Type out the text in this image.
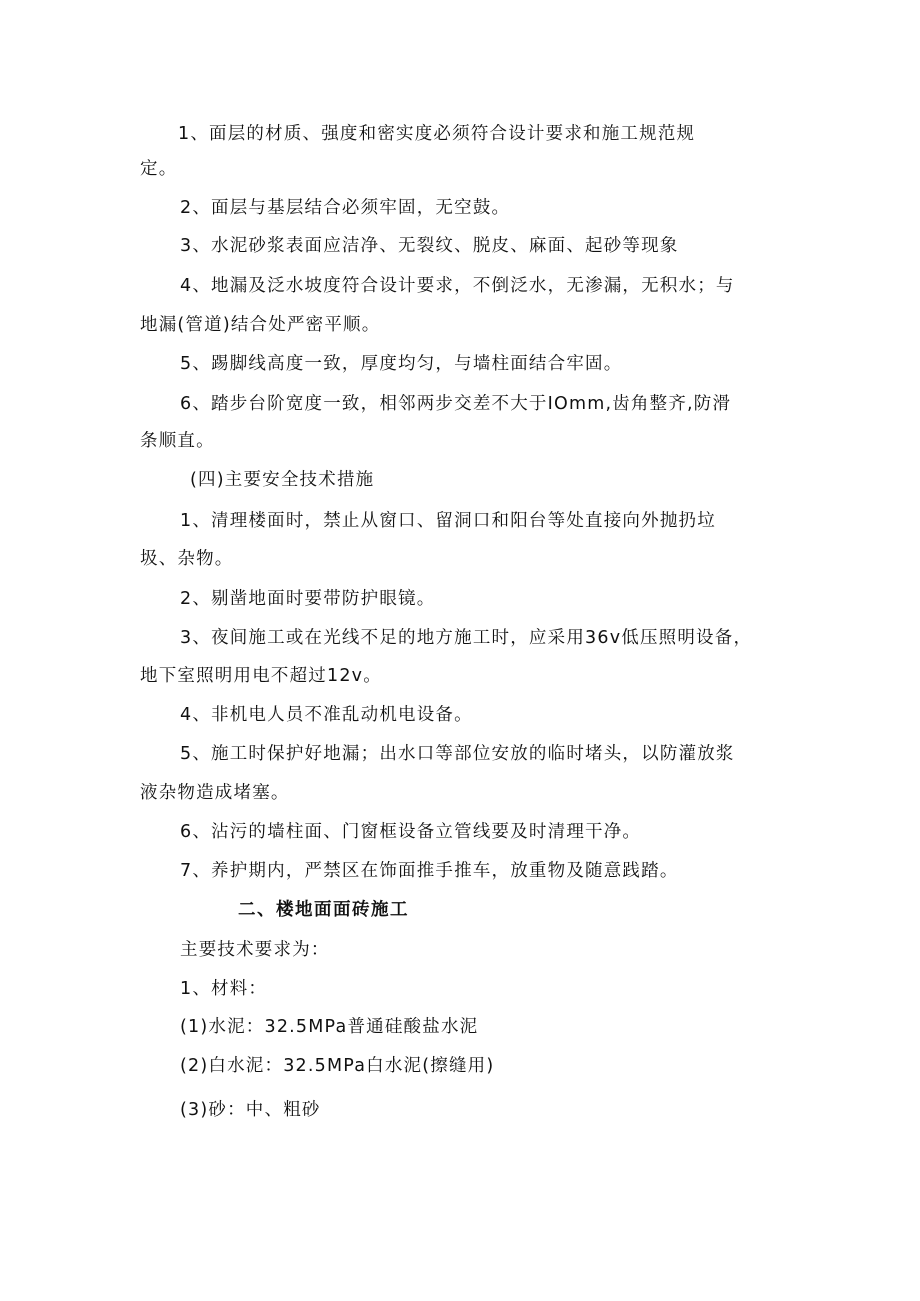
1、面层的材质、强度和密实度必须符合设计要求和施工规范规
定。
2、面层与基层结合必须牢固，无空鼓。
3、水泥砂浆表面应洁净、无裂纹、脱皮、麻面、起砂等现象
4、地漏及泛水坡度符合设计要求，不倒泛水，无渗漏，无积水；与
地漏(管道)结合处严密平顺。
5、踢脚线高度一致，厚度均匀，与墙柱面结合牢固。
6、踏步台阶宽度一致，相邻两步交差不大于IOmm,齿角整齐,防滑
条顺直。
(四)主要安全技术措施
1、清理楼面时，禁止从窗口、留洞口和阳台等处直接向外抛扔垃
圾、杂物。
2、剔凿地面时要带防护眼镜。
3、夜间施工或在光线不足的地方施工时，应采用36v低压照明设备，
地下室照明用电不超过12v。
4、非机电人员不准乱动机电设备。
5、施工时保护好地漏；出水口等部位安放的临时堵头，以防灌放浆
液杂物造成堵塞。
6、沾污的墙柱面、门窗框设备立管线要及时清理干净。
7、养护期内，严禁区在饰面推手推车，放重物及随意践踏。
二、楼地面面砖施工
主要技术要求为：
1、材料：
(1)水泥：32.5MPa普通硅酸盐水泥
(2)白水泥：32.5MPa白水泥(擦缝用)
(3)砂：中、粗砂
